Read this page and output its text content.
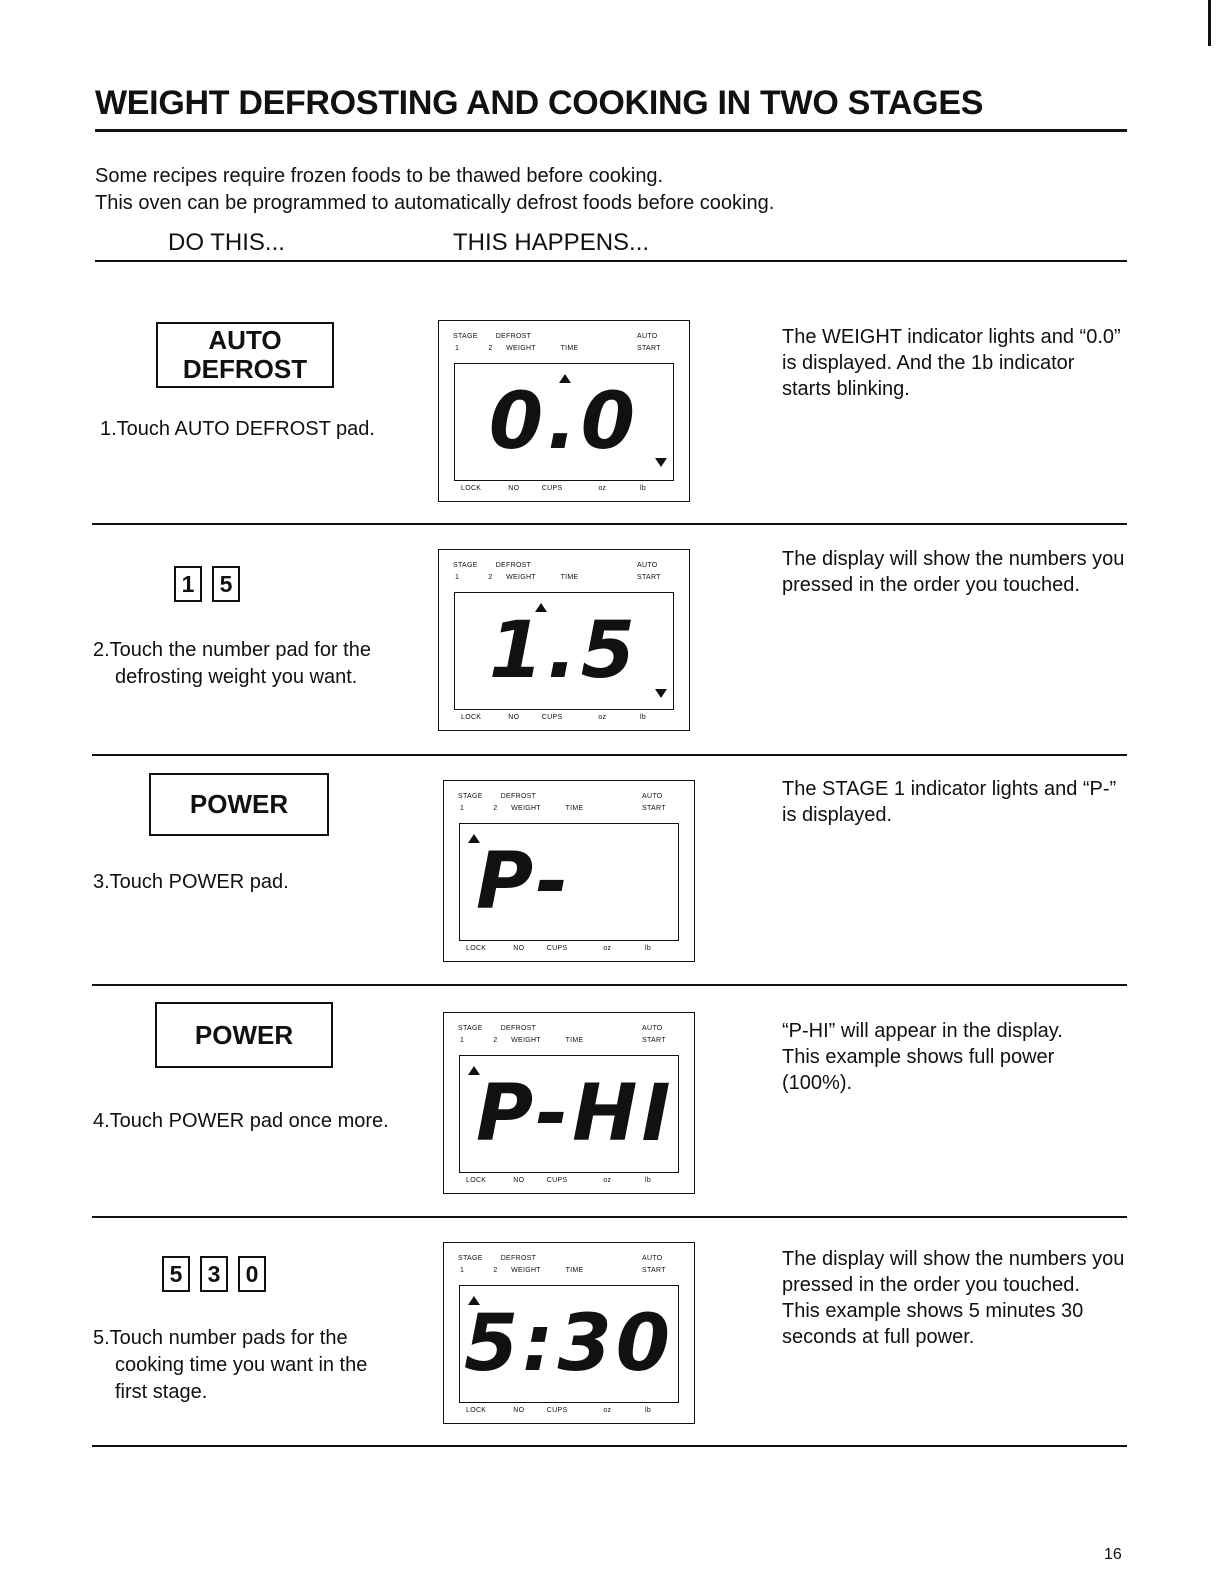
WEIGHT DEFROSTING AND COOKING IN TWO STAGES
Some recipes require frozen foods to be thawed before cooking.
This oven can be programmed to automatically defrost foods before cooking.
DO THIS...	THIS HAPPENS...
AUTO
DEFROST
1.Touch AUTO DEFROST pad.
STAGE	DEFROST	AUTO
1	2 WEIGHT	TIME	START
0.0
LOCK	NO	CUPS	oz	lb
The WEIGHT indicator lights and “0.0” is displayed. And the 1b indicator starts blinking.
1	5
2.Touch the number pad for the
defrosting weight you want.
STAGE	DEFROST	AUTO
1	2 WEIGHT	TIME	START
1.5
LOCK	NO	CUPS	oz	lb
The display will show the numbers you pressed in the order you touched.
POWER
3.Touch POWER pad.
STAGE	DEFROST	AUTO
1	2 WEIGHT	TIME	START
P-
LOCK	NO	CUPS	oz	lb
The STAGE 1 indicator lights and “P-” is displayed.
POWER
4.Touch POWER pad once more.
STAGE	DEFROST	AUTO
1	2 WEIGHT	TIME	START
P-HI
LOCK	NO	CUPS	oz	lb
“P-HI” will appear in the display.
This example shows full power (100%).
5	3	0
5.Touch number pads for the
cooking time you want in the
first stage.
STAGE	DEFROST	AUTO
1	2 WEIGHT	TIME	START
5:30
LOCK	NO	CUPS	oz	lb
The display will show the numbers you pressed in the order you touched.
This example shows 5 minutes 30 seconds at full power.
16
